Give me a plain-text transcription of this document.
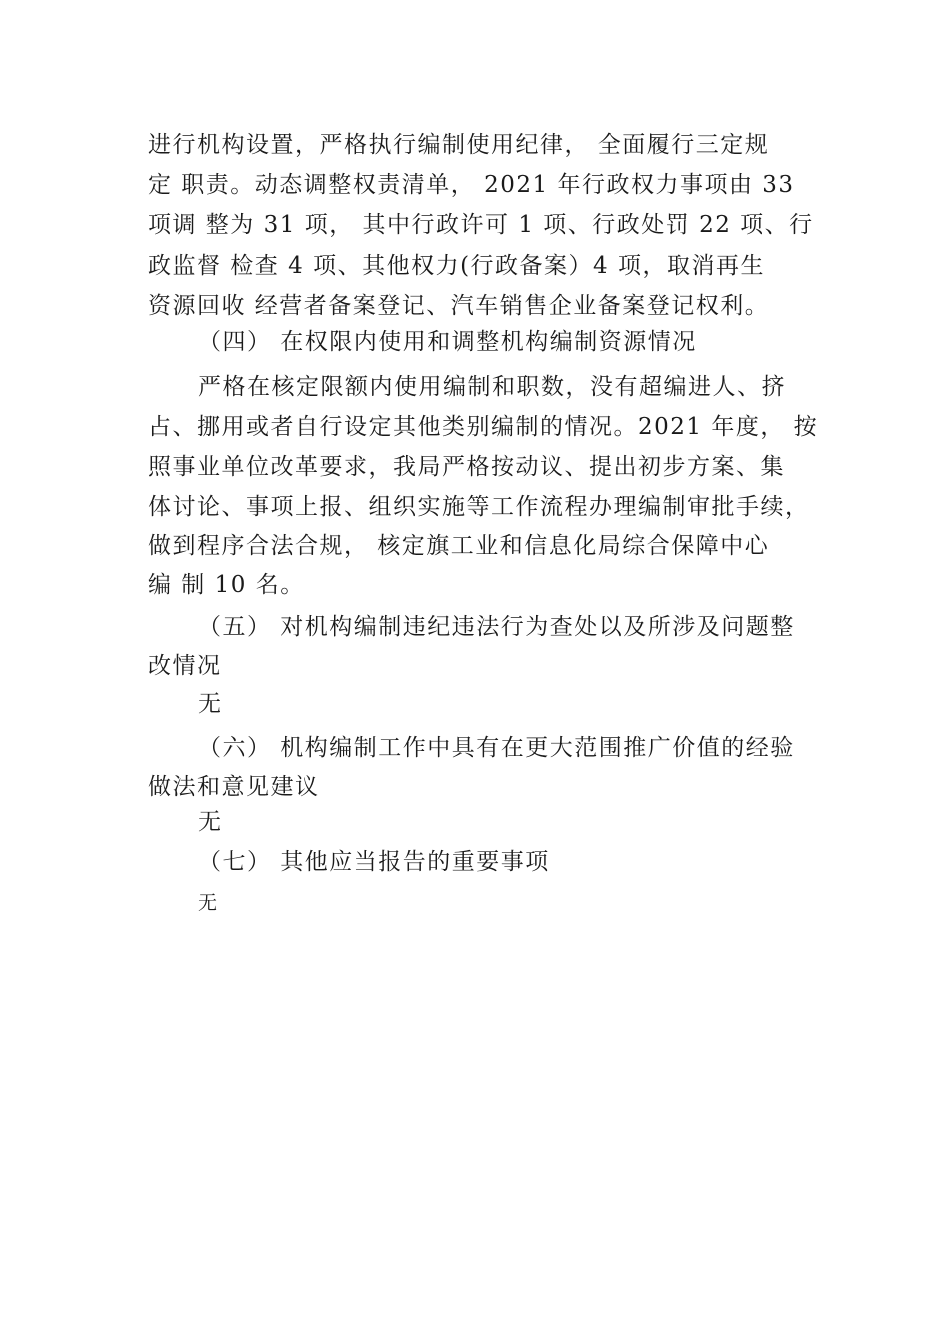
进行机构设置，严格执行编制使用纪律， 全面履行三定规
定 职责。动态调整权责清单， 2021 年行政权力事项由 33
项调 整为 31 项， 其中行政许可 1 项、行政处罚 22 项、行
政监督 检查 4 项、其他权力(行政备案）4 项，取消再生
资源回收 经营者备案登记、汽车销售企业备案登记权利。
（四） 在权限内使用和调整机构编制资源情况
严格在核定限额内使用编制和职数，没有超编进人、挤
占、挪用或者自行设定其他类别编制的情况。2021 年度， 按
照事业单位改革要求，我局严格按动议、提出初步方案、集
体讨论、事项上报、组织实施等工作流程办理编制审批手续，
做到程序合法合规， 核定旗工业和信息化局综合保障中心
编 制 10 名。
（五） 对机构编制违纪违法行为查处以及所涉及问题整
改情况
无
（六） 机构编制工作中具有在更大范围推广价值的经验
做法和意见建议
无
（七） 其他应当报告的重要事项
无
